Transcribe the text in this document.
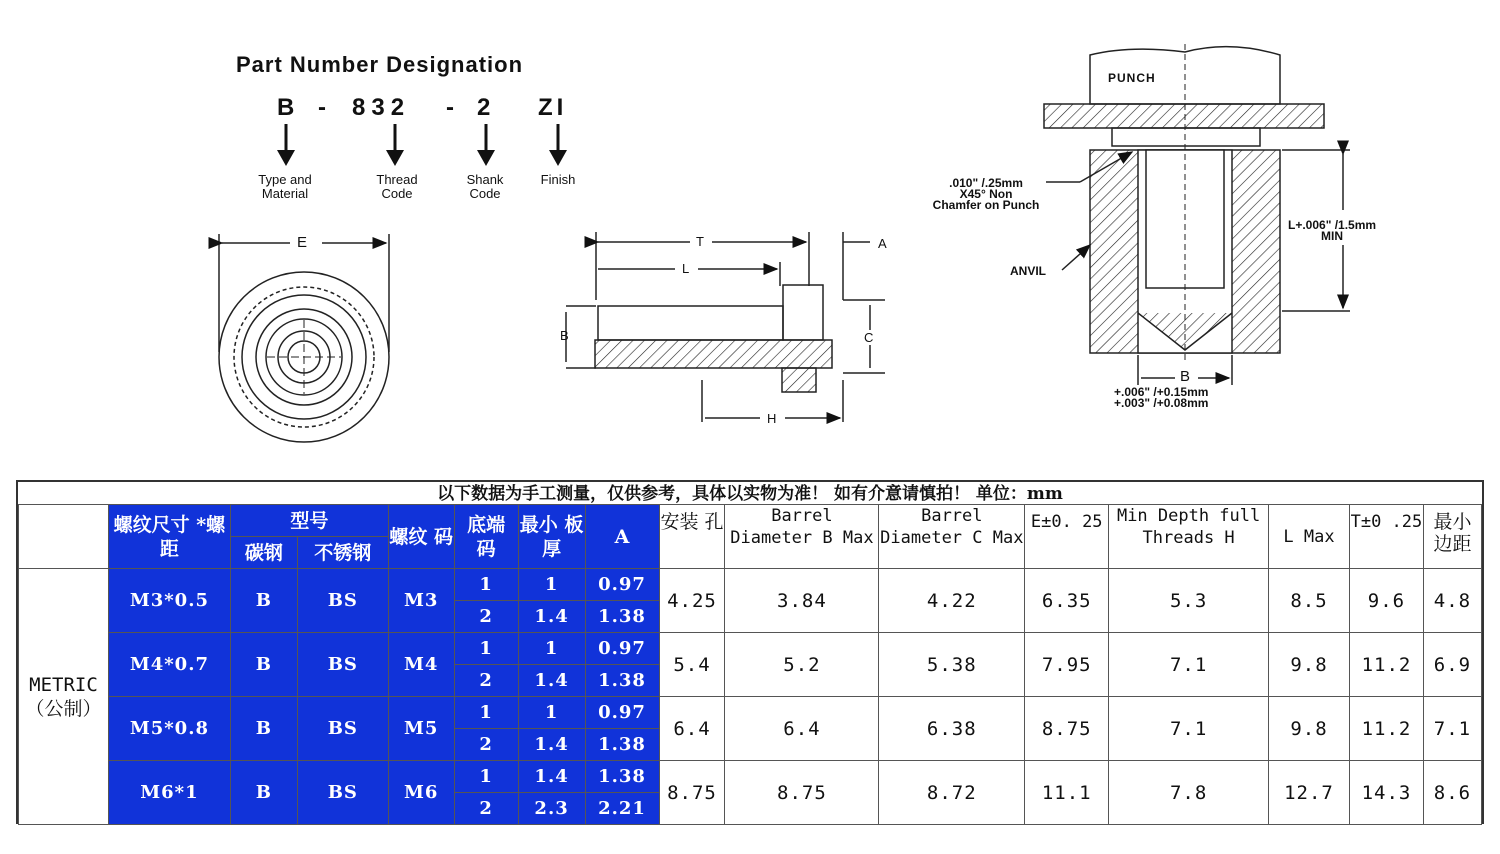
Part Number Designation
B - 832 - 2 ZI
Type and
Material
Thread
Code
Shank
Code
Finish
E	T
L
A
B	C
H
PUNCH
.010" /.25mm
X45° Non
Chamfer on Punch
ANVIL
L+.006" /1.5mm
MIN
B
+.006" /+0.15mm
+.003" /+0.08mm
以下数据为手工测量，仅供参考，具体以实物为准！ 如有介意请慎拍！ 单位：mm
	螺纹尺寸 *螺距	型号		螺纹 码	底端 码	最小 板厚	A	安装 孔	Barrel Diameter B Max	Barrel Diameter C Max	E±0. 25	Min Depth full Threads H	L Max	T±0 .25	最小 边距
		碳钢	不锈钢												
METRIC（公制）	M3*0.5	B	BS	M3	1	1	0.97	4.25	3.84	4.22	6.35	5.3	8.5	9.6	4.8
					2	1.4	1.38								
	M4*0.7	B	BS	M4	1	1	0.97	5.4	5.2	5.38	7.95	7.1	9.8	11.2	6.9
					2	1.4	1.38								
	M5*0.8	B	BS	M5	1	1	0.97	6.4	6.4	6.38	8.75	7.1	9.8	11.2	7.1
					2	1.4	1.38								
	M6*1	B	BS	M6	1	1.4	1.38	8.75	8.75	8.72	11.1	7.8	12.7	14.3	8.6
					2	2.3	2.21								
